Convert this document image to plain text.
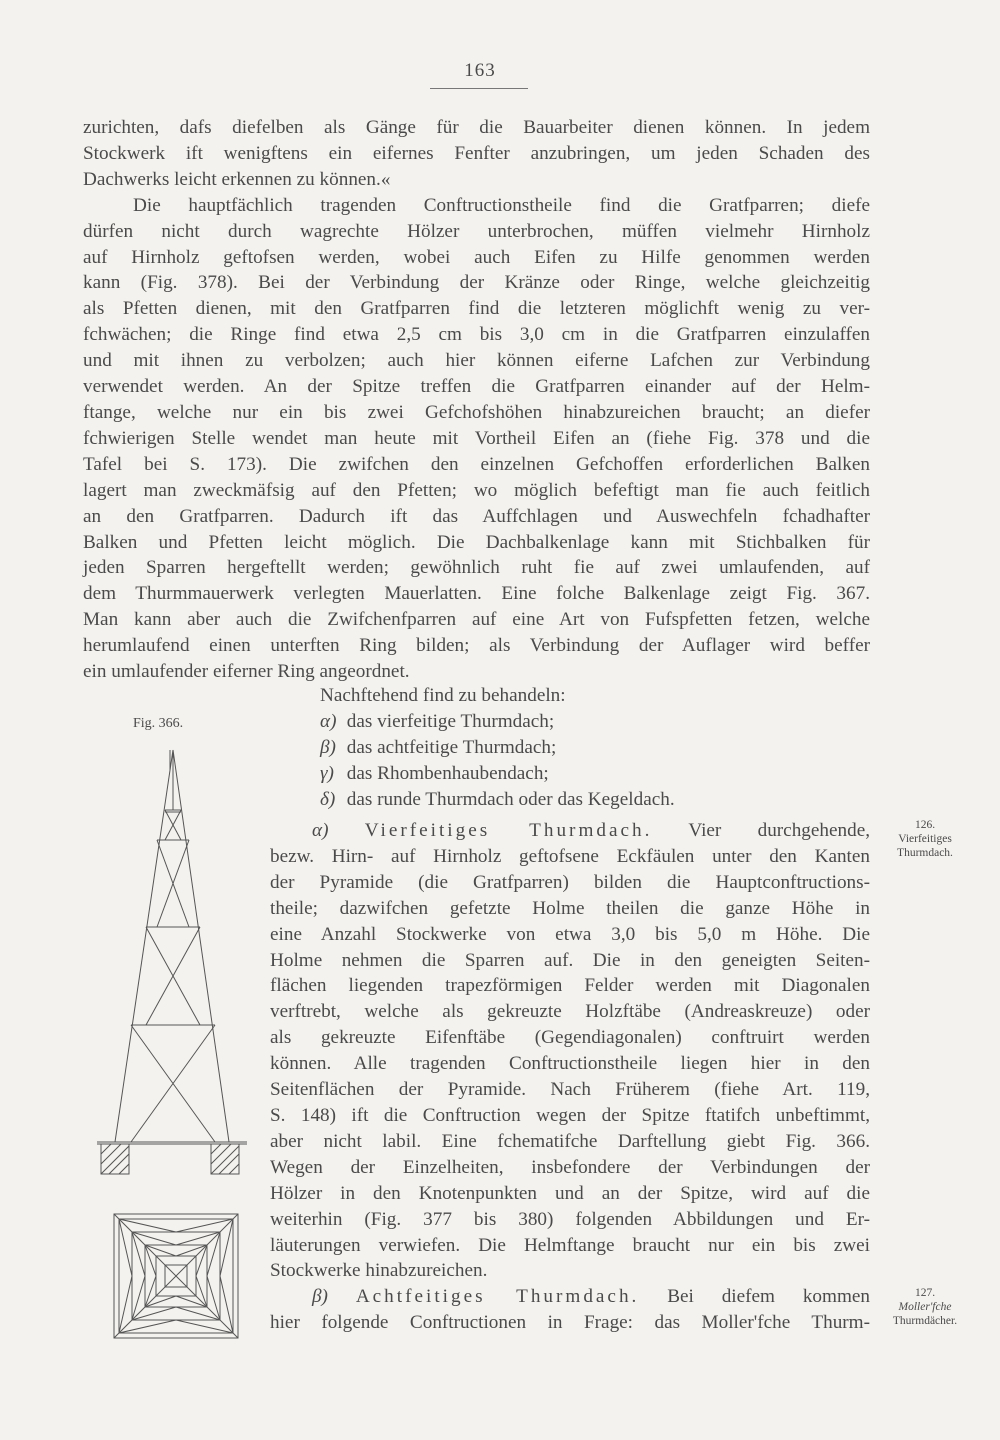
163
zurichten, dafs diefelben als Gänge für die Bauarbeiter dienen können. In jedem
Stockwerk ift wenigftens ein eifernes Fenfter anzubringen, um jeden Schaden des
Dachwerks leicht erkennen zu können.«
Die hauptfächlich tragenden Conftructionstheile find die Gratfparren; diefe
dürfen nicht durch wagrechte Hölzer unterbrochen, müffen vielmehr Hirnholz
auf Hirnholz geftofsen werden, wobei auch Eifen zu Hilfe genommen werden
kann (Fig. 378). Bei der Verbindung der Kränze oder Ringe, welche gleichzeitig
als Pfetten dienen, mit den Gratfparren find die letzteren möglichft wenig zu ver-
fchwächen; die Ringe find etwa 2,5 cm bis 3,0 cm in die Gratfparren einzulaffen
und mit ihnen zu verbolzen; auch hier können eiferne Lafchen zur Verbindung
verwendet werden. An der Spitze treffen die Gratfparren einander auf der Helm-
ftange, welche nur ein bis zwei Gefchofshöhen hinabzureichen braucht; an diefer
fchwierigen Stelle wendet man heute mit Vortheil Eifen an (fiehe Fig. 378 und die
Tafel bei S. 173). Die zwifchen den einzelnen Gefchoffen erforderlichen Balken
lagert man zweckmäfsig auf den Pfetten; wo möglich befeftigt man fie auch feitlich
an den Gratfparren. Dadurch ift das Auffchlagen und Auswechfeln fchadhafter
Balken und Pfetten leicht möglich. Die Dachbalkenlage kann mit Stichbalken für
jeden Sparren hergeftellt werden; gewöhnlich ruht fie auf zwei umlaufenden, auf
dem Thurmmauerwerk verlegten Mauerlatten. Eine folche Balkenlage zeigt Fig. 367.
Man kann aber auch die Zwifchenfparren auf eine Art von Fufspfetten fetzen, welche
herumlaufend einen unterften Ring bilden; als Verbindung der Auflager wird beffer
ein umlaufender eiferner Ring angeordnet.
Nachftehend find zu behandeln:
α) das vierfeitige Thurmdach;
β) das achtfeitige Thurmdach;
γ) das Rhombenhaubendach;
δ) das runde Thurmdach oder das Kegeldach.
Fig. 366.
α) Vierfeitiges Thurmdach. Vier durchgehende,
bezw. Hirn- auf Hirnholz geftofsene Eckfäulen unter den Kanten
der Pyramide (die Gratfparren) bilden die Hauptconftructions-
theile; dazwifchen gefetzte Holme theilen die ganze Höhe in
eine Anzahl Stockwerke von etwa 3,0 bis 5,0 m Höhe. Die
Holme nehmen die Sparren auf. Die in den geneigten Seiten-
flächen liegenden trapezförmigen Felder werden mit Diagonalen
verftrebt, welche als gekreuzte Holzftäbe (Andreaskreuze) oder
als gekreuzte Eifenftäbe (Gegendiagonalen) conftruirt werden
können. Alle tragenden Conftructionstheile liegen hier in den
Seitenflächen der Pyramide. Nach Früherem (fiehe Art. 119,
S. 148) ift die Conftruction wegen der Spitze ftatifch unbeftimmt,
aber nicht labil. Eine fchematifche Darftellung giebt Fig. 366.
Wegen der Einzelheiten, insbefondere der Verbindungen der
Hölzer in den Knotenpunkten und an der Spitze, wird auf die
weiterhin (Fig. 377 bis 380) folgenden Abbildungen und Er-
läuterungen verwiefen. Die Helmftange braucht nur ein bis zwei
Stockwerke hinabzureichen.
β) Achtfeitiges Thurmdach. Bei diefem kommen
hier folgende Conftructionen in Frage: das Moller'fche Thurm-
126.
Vierfeitiges
Thurmdach.
127.
Moller'fche
Thurmdächer.
